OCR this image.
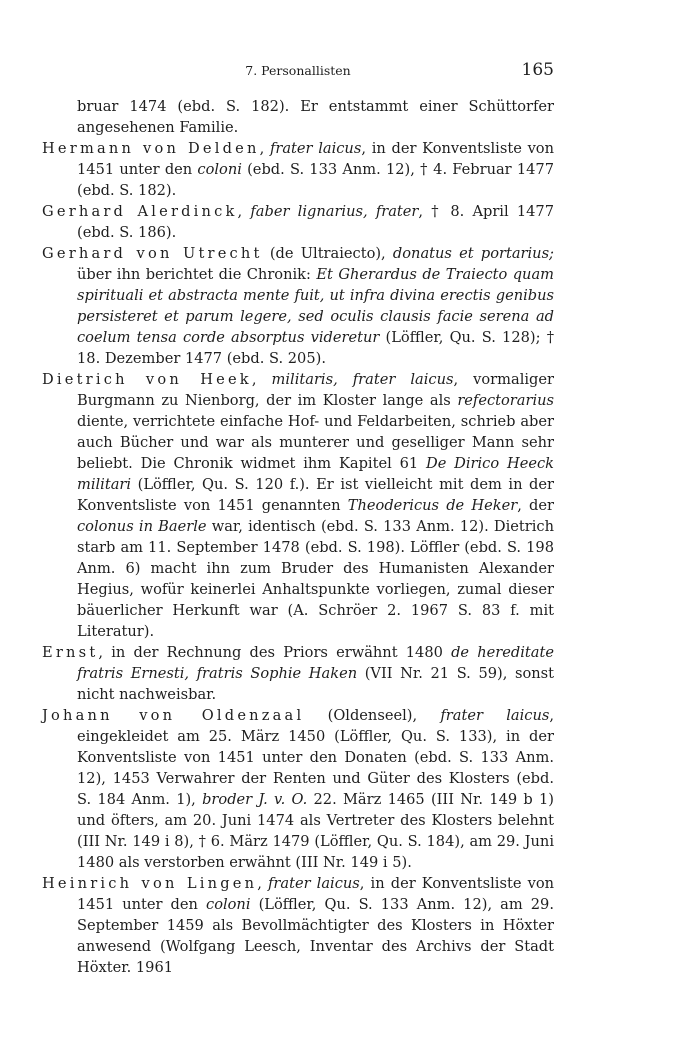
7. Personallisten	165

bruar 1474 (ebd. S. 182). Er entstammt einer Schüttorfer angesehenen Familie.

Hermann von Delden, frater laicus, in der Konventsliste von 1451 unter den coloni (ebd. S. 133 Anm. 12), † 4. Februar 1477 (ebd. S. 182).

Gerhard Alerdinck, faber lignarius, frater, † 8. April 1477 (ebd. S. 186).

Gerhard von Utrecht (de Ultraiecto), donatus et portarius; über ihn berichtet die Chronik: Et Gherardus de Traiecto quam spirituali et abstracta mente fuit, ut infra divina erectis genibus persisteret et parum legere, sed oculis clausis facie serena ad coelum tensa corde absorptus videretur (Löffler, Qu. S. 128); † 18. Dezember 1477 (ebd. S. 205).

Dietrich von Heek, militaris, frater laicus, vormaliger Burgmann zu Nienborg, der im Kloster lange als refectorarius diente, verrichtete einfache Hof- und Feldarbeiten, schrieb aber auch Bücher und war als munterer und geselliger Mann sehr beliebt. Die Chronik widmet ihm Kapitel 61 De Dirico Heeck militari (Löffler, Qu. S. 120 f.). Er ist vielleicht mit dem in der Konventsliste von 1451 genannten Theodericus de Heker, der colonus in Baerle war, identisch (ebd. S. 133 Anm. 12). Dietrich starb am 11. September 1478 (ebd. S. 198). Löffler (ebd. S. 198 Anm. 6) macht ihn zum Bruder des Humanisten Alexander Hegius, wofür keinerlei Anhaltspunkte vorliegen, zumal dieser bäuerlicher Herkunft war (A. Schröer 2. 1967 S. 83 f. mit Literatur).

Ernst, in der Rechnung des Priors erwähnt 1480 de hereditate fratris Ernesti, fratris Sophie Haken (VII Nr. 21 S. 59), sonst nicht nachweisbar.

Johann von Oldenzaal (Oldenseel), frater laicus, eingekleidet am 25. März 1450 (Löffler, Qu. S. 133), in der Konventsliste von 1451 unter den Donaten (ebd. S. 133 Anm. 12), 1453 Verwahrer der Renten und Güter des Klosters (ebd. S. 184 Anm. 1), broder J. v. O. 22. März 1465 (III Nr. 149 b 1) und öfters, am 20. Juni 1474 als Vertreter des Klosters belehnt (III Nr. 149 i 8), † 6. März 1479 (Löffler, Qu. S. 184), am 29. Juni 1480 als verstorben erwähnt (III Nr. 149 i 5).

Heinrich von Lingen, frater laicus, in der Konventsliste von 1451 unter den coloni (Löffler, Qu. S. 133 Anm. 12), am 29. September 1459 als Bevollmächtigter des Klosters in Höxter anwesend (Wolfgang Leesch, Inventar des Archivs der Stadt Höxter. 1961
